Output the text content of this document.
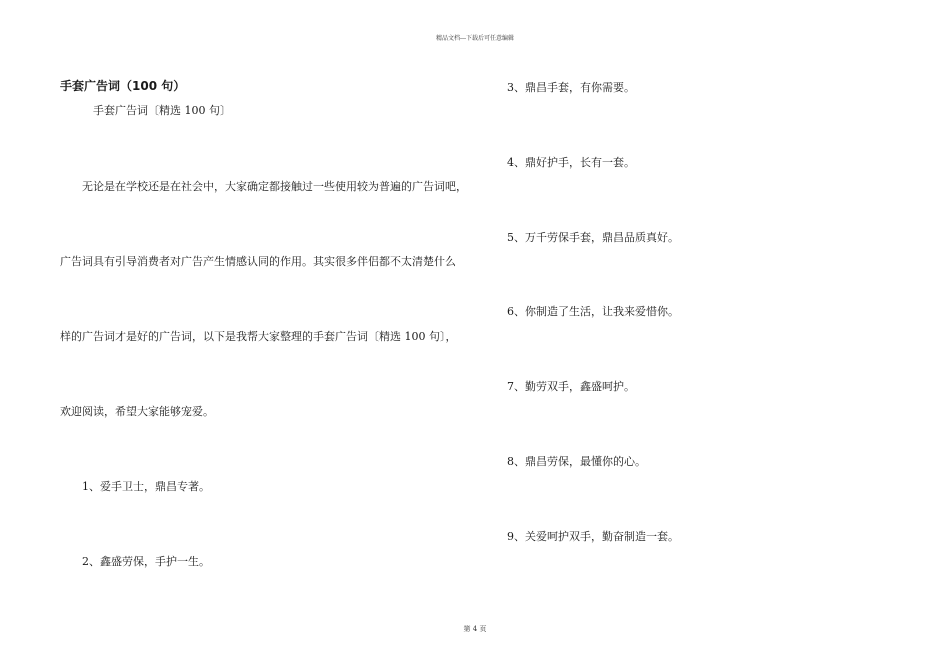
精品文档---下载后可任意编辑
手套广告词（100 句）
手套广告词〔精选 100 句〕
无论是在学校还是在社会中，大家确定都接触过一些使用较为普遍的广告词吧，
广告词具有引导消费者对广告产生情感认同的作用。其实很多伴侣都不太清楚什么
样的广告词才是好的广告词，以下是我帮大家整理的手套广告词〔精选 100 句〕，
欢迎阅读，希望大家能够宠爱。
1、爱手卫士，鼎昌专著。
2、鑫盛劳保，手护一生。
3、鼎昌手套，有你需要。
4、鼎好护手，长有一套。
5、万千劳保手套，鼎昌品质真好。
6、你制造了生活，让我来爱惜你。
7、勤劳双手，鑫盛呵护。
8、鼎昌劳保，最懂你的心。
9、关爱呵护双手，勤奋制造一套。
第 4 页
